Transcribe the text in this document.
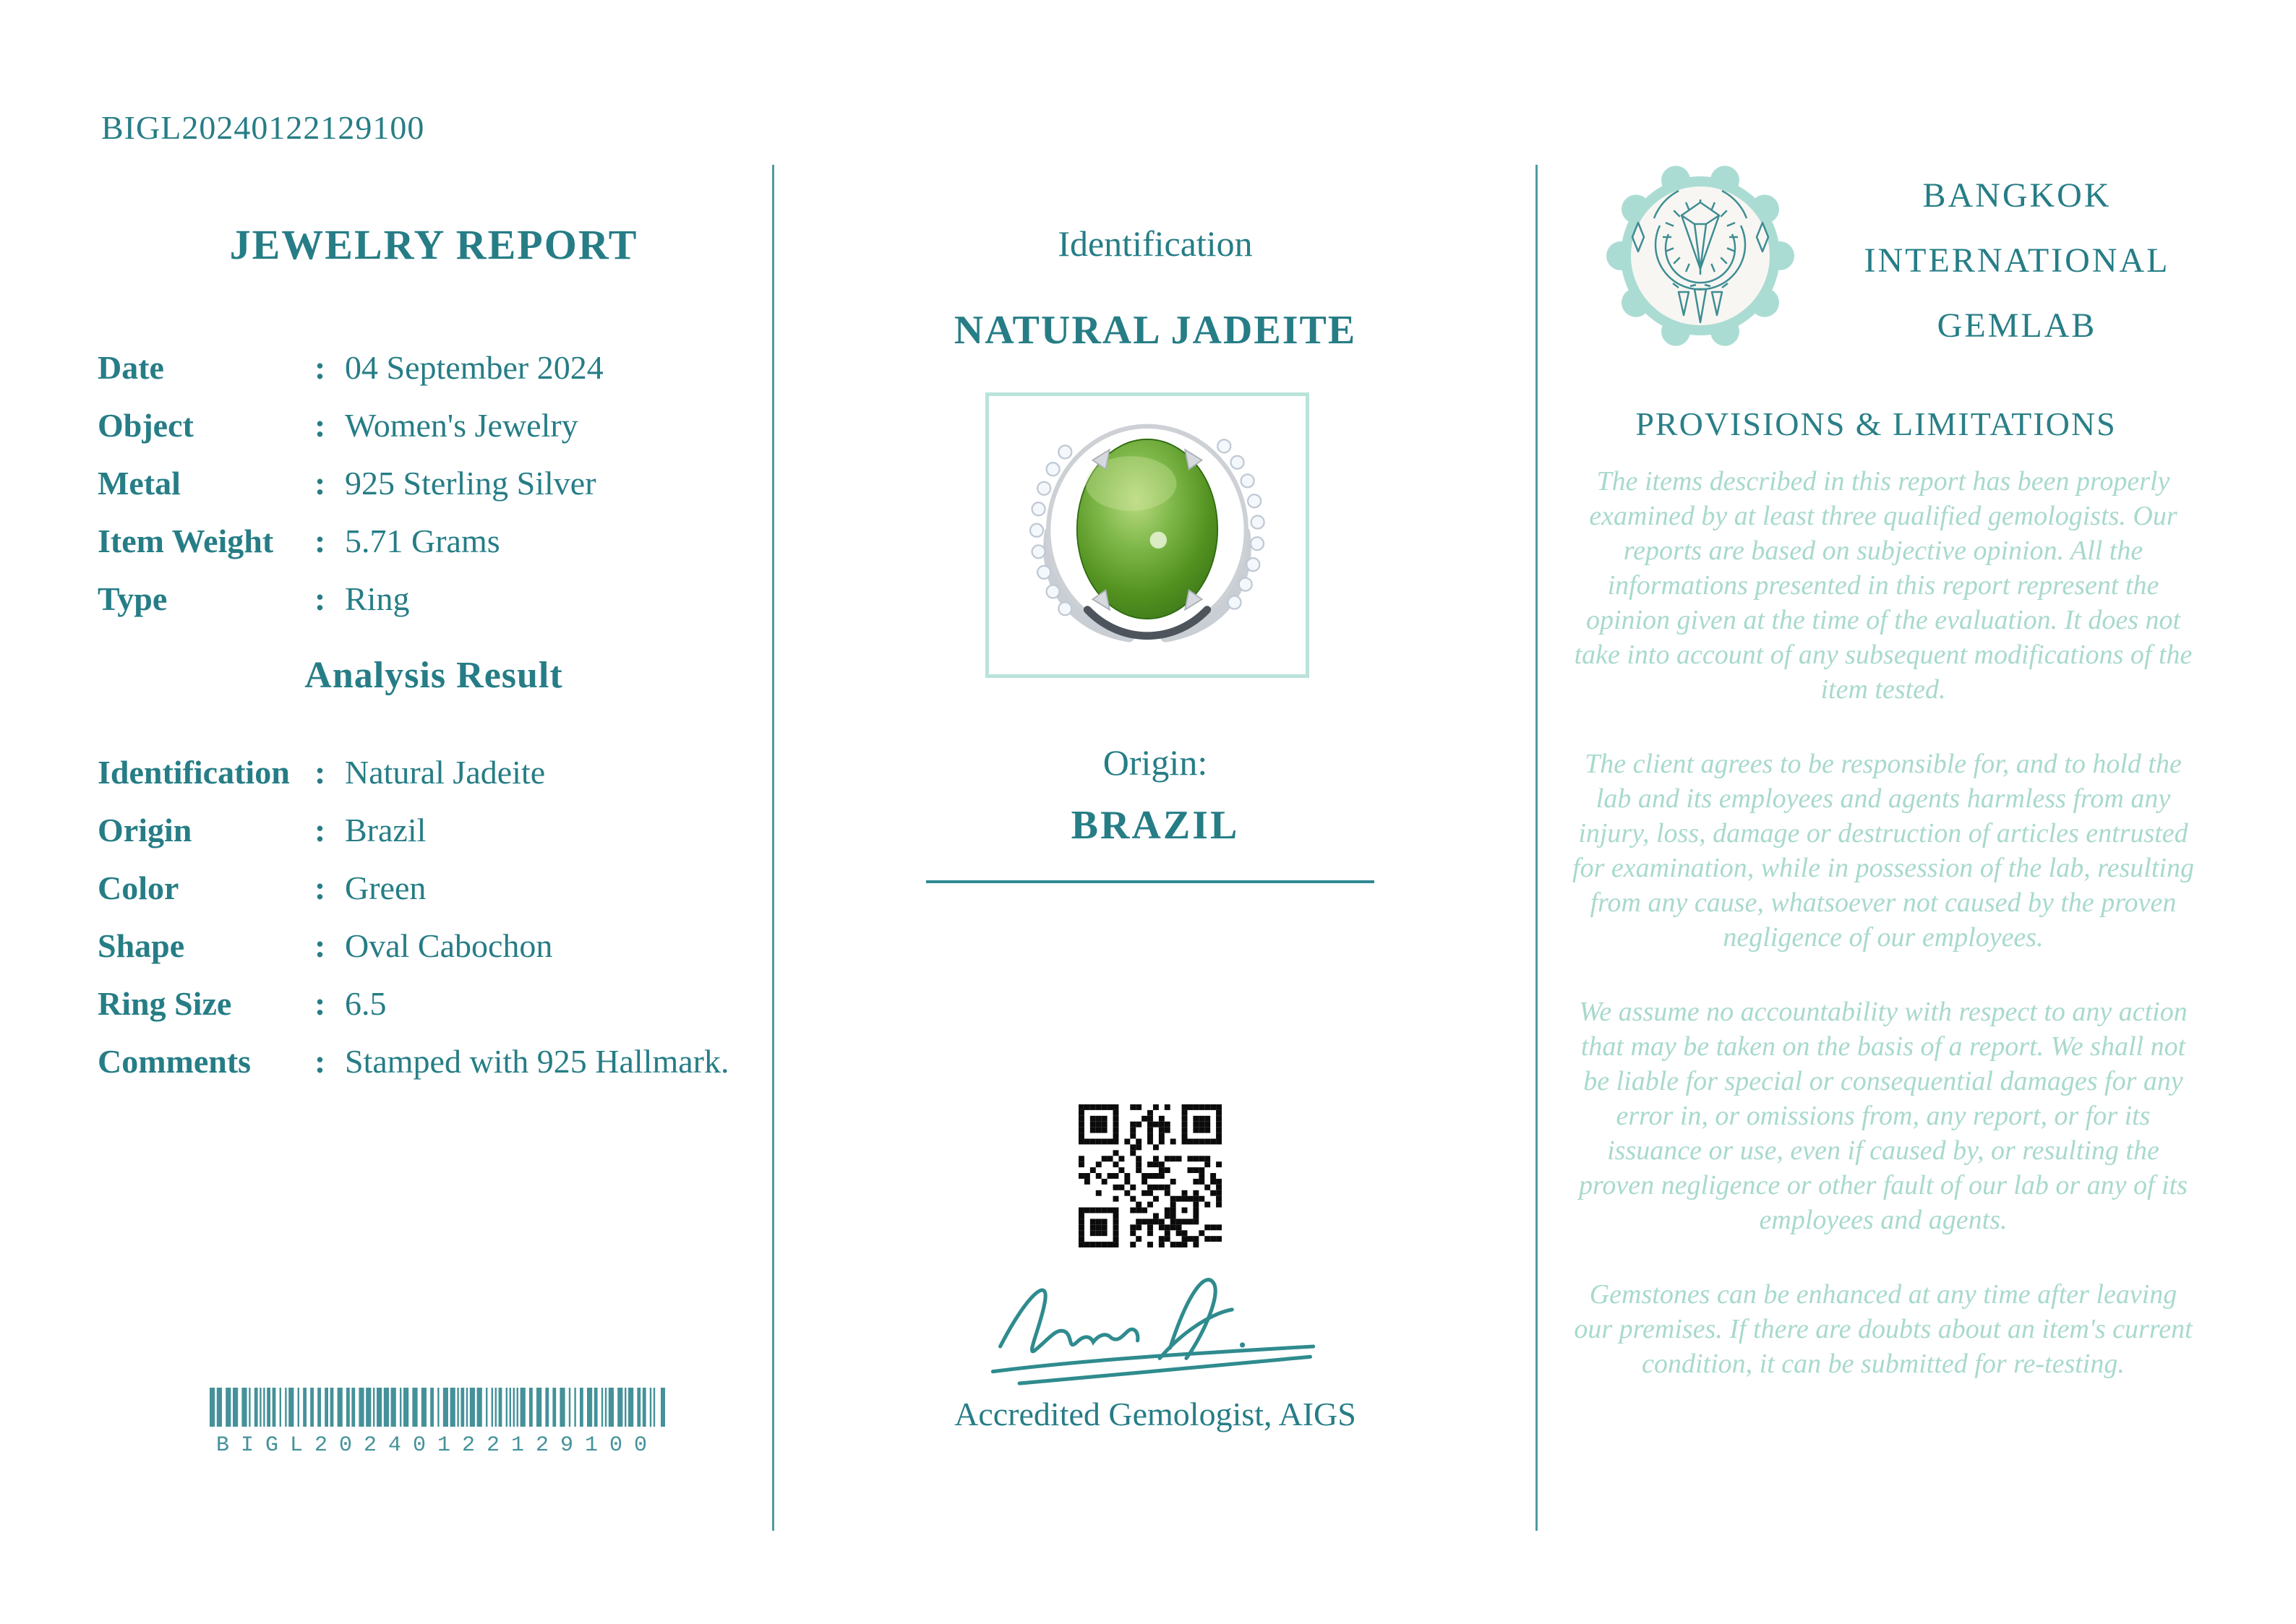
BIGL20240122129100
JEWELRY REPORT
Date	: 04 September 2024
Object	: Women's Jewelry
Metal	: 925 Sterling Silver
Item Weight	: 5.71 Grams
Type	: Ring
Analysis Result
Identification : Natural Jadeite
Origin	: Brazil
Color	: Green
Shape	: Oval Cabochon
Ring Size	: 6.5
Comments	: Stamped with 925 Hallmark.
BIGL20240122129100
Identification
NATURAL JADEITE
Origin:
BRAZIL
Accredited Gemologist, AIGS
BANGKOK
INTERNATIONAL
GEMLAB
PROVISIONS & LIMITATIONS

The items described in this report has been properly examined by at least three qualified gemologists. Our reports are based on subjective opinion. All the informations presented in this report represent the opinion given at the time of the evaluation. It does not take into account of any subsequent modifications of the item tested.

The client agrees to be responsible for, and to hold the lab and its employees and agents harmless from any injury, loss, damage or destruction of articles entrusted for examination, while in possession of the lab, resulting from any cause, whatsoever not caused by the proven negligence of our employees.

We assume no accountability with respect to any action that may be taken on the basis of a report. We shall not be liable for special or consequential damages for any error in, or omissions from, any report, or for its issuance or use, even if caused by, or resulting the proven negligence or other fault of our lab or any of its employees and agents.

Gemstones can be enhanced at any time after leaving our premises. If there are doubts about an item's current condition, it can be submitted for re-testing.
